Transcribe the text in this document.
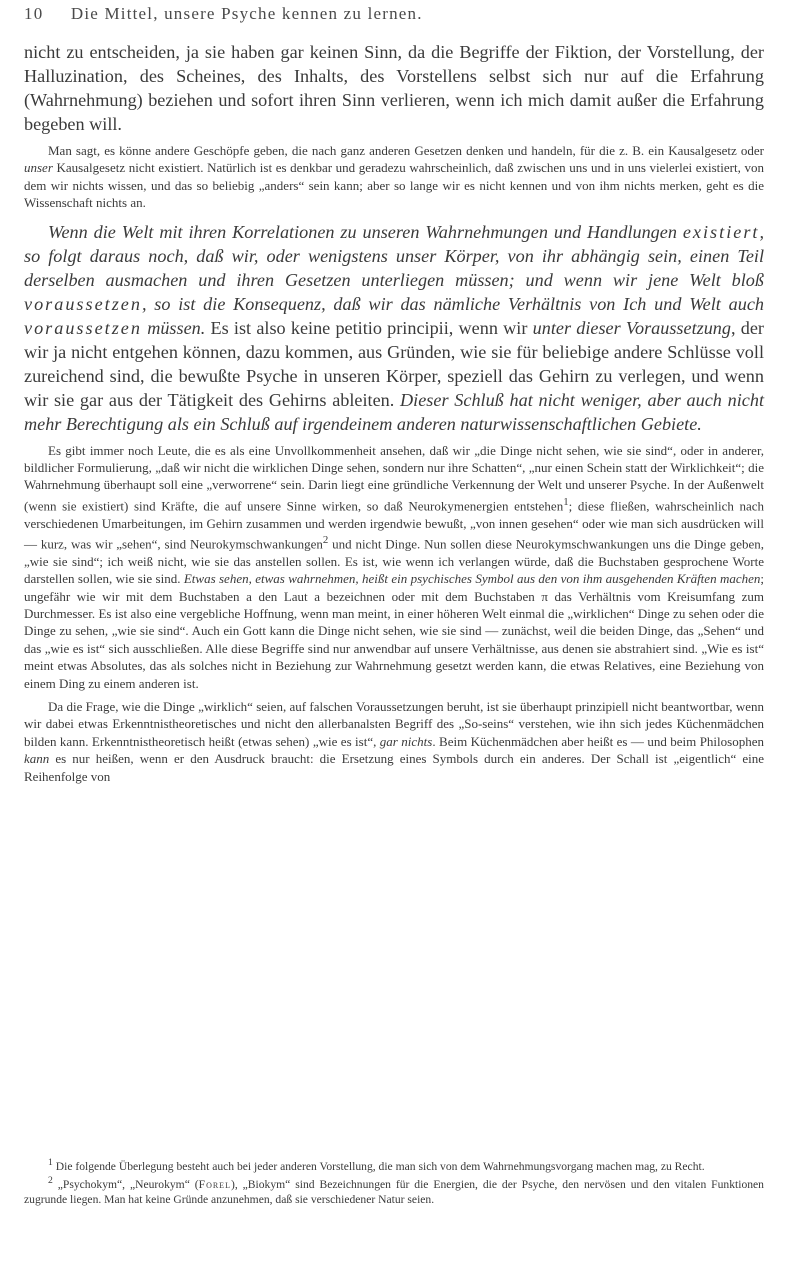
10 Die Mittel, unsere Psyche kennen zu lernen.

nicht zu entscheiden, ja sie haben gar keinen Sinn, da die Begriffe der Fiktion, der Vorstellung, der Halluzination, des Scheines, des Inhalts, des Vorstellens selbst sich nur auf die Erfahrung (Wahrnehmung) beziehen und sofort ihren Sinn verlieren, wenn ich mich damit außer die Erfahrung begeben will.

Man sagt, es könne andere Geschöpfe geben, die nach ganz anderen Gesetzen denken und handeln, für die z. B. ein Kausalgesetz oder unser Kausalgesetz nicht existiert. Natürlich ist es denkbar und geradezu wahrscheinlich, daß zwischen uns und in uns vielerlei existiert, von dem wir nichts wissen, und das so beliebig „anders“ sein kann; aber so lange wir es nicht kennen und von ihm nichts merken, geht es die Wissenschaft nichts an.

Wenn die Welt mit ihren Korrelationen zu unseren Wahrnehmungen und Handlungen existiert, so folgt daraus noch, daß wir, oder wenigstens unser Körper, von ihr abhängig sein, einen Teil derselben ausmachen und ihren Gesetzen unterliegen müssen; und wenn wir jene Welt bloß voraussetzen, so ist die Konsequenz, daß wir das nämliche Verhältnis von Ich und Welt auch voraussetzen müssen. Es ist also keine petitio principii, wenn wir unter dieser Voraussetzung, der wir ja nicht entgehen können, dazu kommen, aus Gründen, wie sie für beliebige andere Schlüsse voll zureichend sind, die bewußte Psyche in unseren Körper, speziell das Gehirn zu verlegen, und wenn wir sie gar aus der Tätigkeit des Gehirns ableiten. Dieser Schluß hat nicht weniger, aber auch nicht mehr Berechtigung als ein Schluß auf irgendeinem anderen naturwissenschaftlichen Gebiete.

Es gibt immer noch Leute, die es als eine Unvollkommenheit ansehen, daß wir „die Dinge nicht sehen, wie sie sind“, oder in anderer, bildlicher Formulierung, „daß wir nicht die wirklichen Dinge sehen, sondern nur ihre Schatten“, „nur einen Schein statt der Wirklichkeit“; die Wahrnehmung überhaupt soll eine „verworrene“ sein. Darin liegt eine gründliche Verkennung der Welt und unserer Psyche. In der Außenwelt (wenn sie existiert) sind Kräfte, die auf unsere Sinne wirken, so daß Neurokymenergien entstehen$^1$; diese fließen, wahrscheinlich nach verschiedenen Umarbeitungen, im Gehirn zusammen und werden irgendwie bewußt, „von innen gesehen“ oder wie man sich ausdrücken will — kurz, was wir „sehen“, sind Neurokymschwankungen$^2$ und nicht Dinge. Nun sollen diese Neurokymschwankungen uns die Dinge geben, „wie sie sind“; ich weiß nicht, wie sie das anstellen sollen. Es ist, wie wenn ich verlangen würde, daß die Buchstaben gesprochene Worte darstellen sollen, wie sie sind. Etwas sehen, etwas wahrnehmen, heißt ein psychisches Symbol aus den von ihm ausgehenden Kräften machen; ungefähr wie wir mit dem Buchstaben a den Laut a bezeichnen oder mit dem Buchstaben π das Verhältnis vom Kreisumfang zum Durchmesser. Es ist also eine vergebliche Hoffnung, wenn man meint, in einer höheren Welt einmal die „wirklichen“ Dinge zu sehen oder die Dinge zu sehen, „wie sie sind“. Auch ein Gott kann die Dinge nicht sehen, wie sie sind — zunächst, weil die beiden Dinge, das „Sehen“ und das „wie es ist“ sich ausschließen. Alle diese Begriffe sind nur anwendbar auf unsere Verhältnisse, aus denen sie abstrahiert sind. „Wie es ist“ meint etwas Absolutes, das als solches nicht in Beziehung zur Wahrnehmung gesetzt werden kann, die etwas Relatives, eine Beziehung von einem Ding zu einem anderen ist.

Da die Frage, wie die Dinge „wirklich“ seien, auf falschen Voraussetzungen beruht, ist sie überhaupt prinzipiell nicht beantwortbar, wenn wir dabei etwas Erkenntnistheoretisches und nicht den allerbanalsten Begriff des „So-seins“ verstehen, wie ihn sich jedes Küchenmädchen bilden kann. Erkenntnistheoretisch heißt (etwas sehen) „wie es ist“, gar nichts. Beim Küchenmädchen aber heißt es — und beim Philosophen kann es nur heißen, wenn er den Ausdruck braucht: die Ersetzung eines Symbols durch ein anderes. Der Schall ist „eigentlich“ eine Reihenfolge von

$^1$ Die folgende Überlegung besteht auch bei jeder anderen Vorstellung, die man sich von dem Wahrnehmungsvorgang machen mag, zu Recht.

$^2$ „Psychokym“, „Neurokym“ (Forel), „Biokym“ sind Bezeichnungen für die Energien, die der Psyche, den nervösen und den vitalen Funktionen zugrunde liegen. Man hat keine Gründe anzunehmen, daß sie verschiedener Natur seien.
